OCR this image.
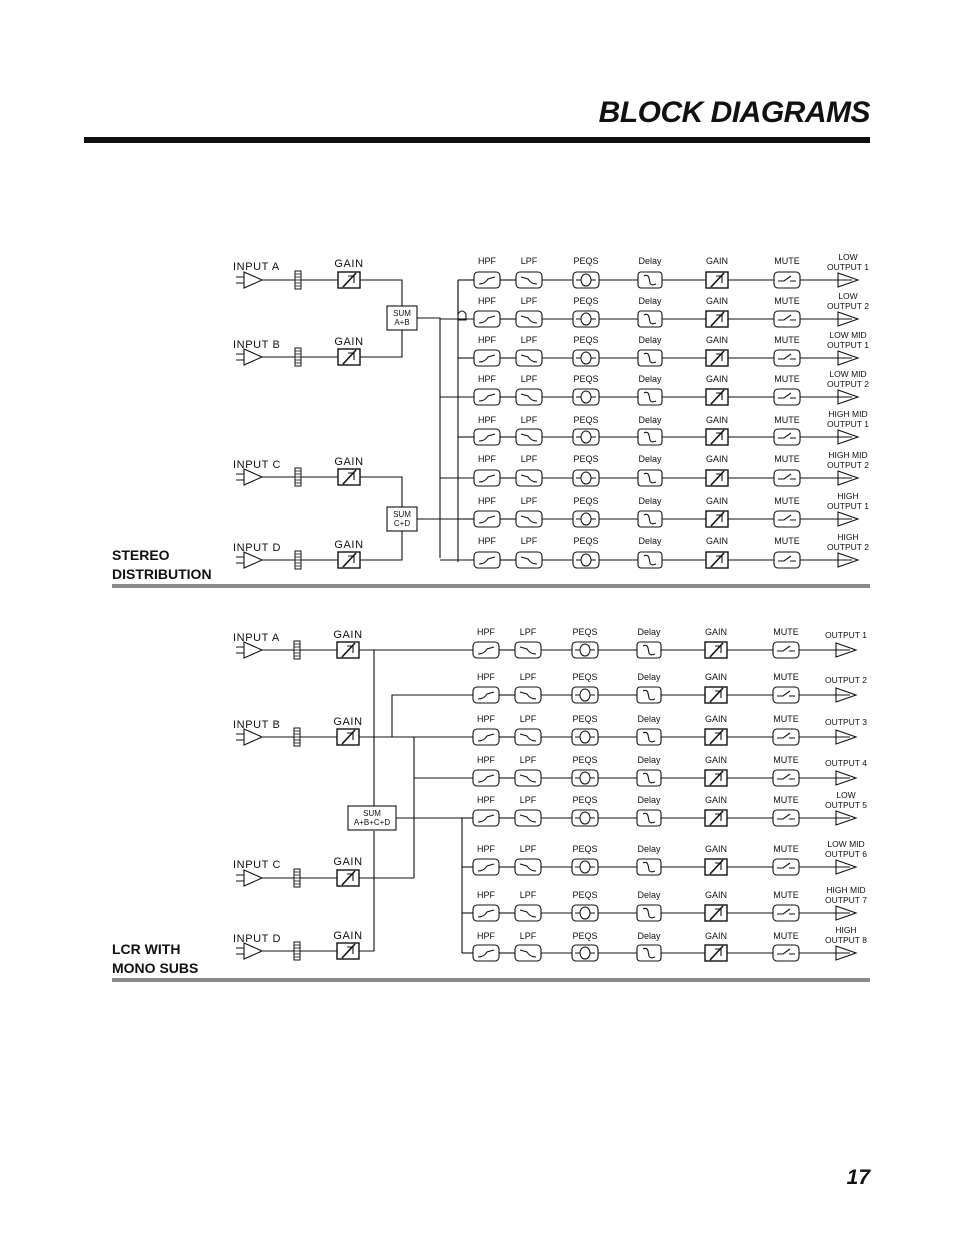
BLOCK DIAGRAMS
INPUT A	GAIN
INPUT B	GAIN
INPUT C	GAIN
INPUT D	GAIN
SUM
A+B
SUM
C+D
HPF	LPF	PEQS	Delay	GAIN	MUTE	LOW
OUTPUT 1
HPF	LPF	PEQS	Delay	GAIN	MUTE	LOW
OUTPUT 2
HPF	LPF	PEQS	Delay	GAIN	MUTE	LOW MID
OUTPUT 1
HPF	LPF	PEQS	Delay	GAIN	MUTE	LOW MID
OUTPUT 2
HPF	LPF	PEQS	Delay	GAIN	MUTE
HIGH MID
OUTPUT 1
HPF	LPF	PEQS	Delay	GAIN	MUTE	HIGH MID
OUTPUT 2
HPF	LPF	PEQS	Delay	GAIN	MUTE	HIGH
OUTPUT 1
HPF	LPF	PEQS	Delay	GAIN	MUTE	HIGH
OUTPUT 2
STEREO
DISTRIBUTION
INPUT A	GAIN
INPUT B	GAIN
INPUT C	GAIN
INPUT D	GAIN
SUM
A+B+C+D
HPF	LPF	PEQS	Delay	GAIN	MUTE	OUTPUT 1
HPF	LPF	PEQS	Delay	GAIN	MUTE	OUTPUT 2
HPF	LPF	PEQS	Delay	GAIN	MUTE	OUTPUT 3
HPF	LPF	PEQS	Delay	GAIN	MUTE	OUTPUT 4
HPF	LPF	PEQS	Delay	GAIN	MUTE	LOW
OUTPUT 5
HPF	LPF	PEQS	Delay	GAIN	MUTE	LOW MID
OUTPUT 6
HPF	LPF	PEQS	Delay	GAIN	MUTE	HIGH MID
OUTPUT 7
HPF	LPF	PEQS	Delay	GAIN	MUTE
HIGH
OUTPUT 8
LCR WITH
MONO SUBS
17
